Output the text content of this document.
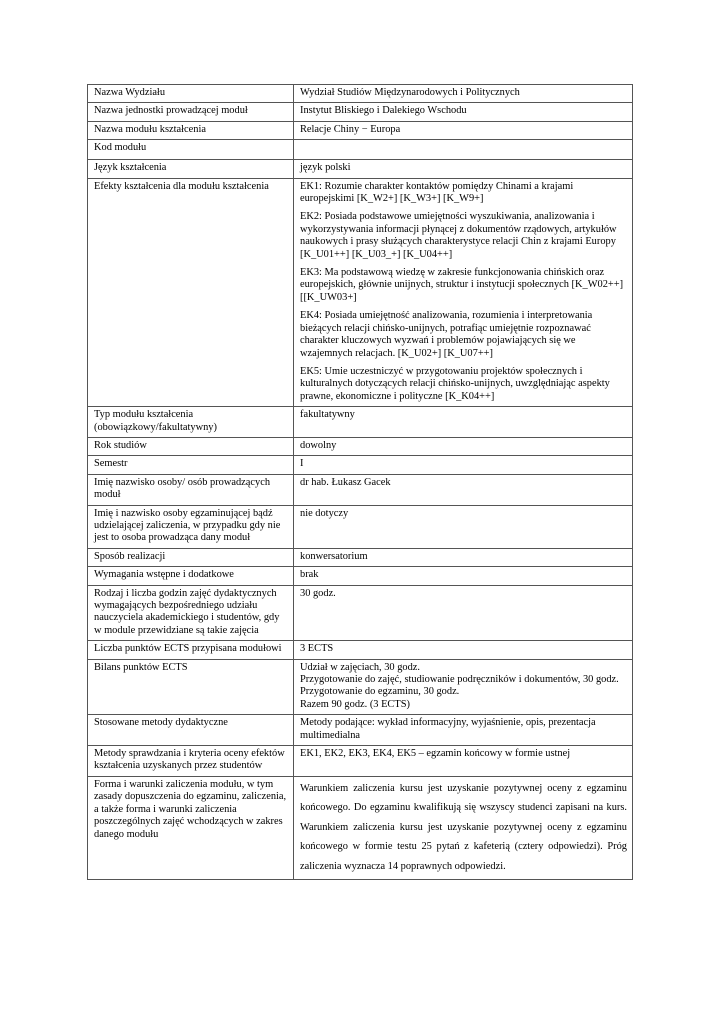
Nazwa Wydziału	Wydział Studiów Międzynarodowych i Politycznych
Nazwa jednostki prowadzącej moduł	Instytut Bliskiego i Dalekiego Wschodu
Nazwa modułu kształcenia	Relacje Chiny − Europa
Kod modułu	
Język kształcenia	język polski
Efekty kształcenia dla modułu kształcenia	EK1: Rozumie charakter kontaktów pomiędzy Chinami a krajami europejskimi [K_W2+] [K_W3+] [K_W9+]
EK2: Posiada podstawowe umiejętności wyszukiwania, analizowania i wykorzystywania informacji płynącej z dokumentów rządowych, artykułów naukowych i prasy służących charakterystyce relacji Chin z krajami Europy [K_U01++] [K_U03_+] [K_U04++]
EK3: Ma podstawową wiedzę w zakresie funkcjonowania chińskich oraz europejskich, głównie unijnych, struktur i instytucji społecznych [K_W02++] [[K_UW03+]
EK4: Posiada umiejętność analizowania, rozumienia i interpretowania bieżących relacji chińsko-unijnych, potrafiąc umiejętnie rozpoznawać charakter kluczowych wyzwań i problemów pojawiających się we wzajemnych relacjach. [K_U02+] [K_U07++]
EK5: Umie uczestniczyć w przygotowaniu projektów społecznych i kulturalnych dotyczących relacji chińsko-unijnych, uwzględniając aspekty prawne, ekonomiczne i polityczne [K_K04++]

Typ modułu kształcenia (obowiązkowy/fakultatywny)	fakultatywny
Rok studiów	dowolny
Semestr	I
Imię nazwisko osoby/ osób prowadzących moduł	dr hab. Łukasz Gacek
Imię i nazwisko osoby egzaminującej bądź udzielającej zaliczenia, w przypadku gdy nie jest to osoba prowadząca dany moduł	nie dotyczy
Sposób realizacji	konwersatorium
Wymagania wstępne i dodatkowe	brak
Rodzaj i liczba godzin zajęć dydaktycznych wymagających bezpośredniego udziału nauczyciela akademickiego i studentów, gdy w module przewidziane są takie zajęcia	30 godz.
Liczba punktów ECTS przypisana modułowi	3 ECTS
Bilans punktów ECTS	Udział w zajęciach, 30 godz.
Przygotowanie do zajęć, studiowanie podręczników i dokumentów, 30 godz.
Przygotowanie do egzaminu, 30 godz.
Razem 90 godz. (3 ECTS)

Stosowane metody dydaktyczne	Metody podające: wykład informacyjny, wyjaśnienie, opis, prezentacja multimedialna
Metody sprawdzania i kryteria oceny efektów kształcenia uzyskanych przez studentów	EK1, EK2, EK3, EK4, EK5 – egzamin końcowy w formie ustnej
Forma i warunki zaliczenia modułu, w tym zasady dopuszczenia do egzaminu, zaliczenia, a także forma i warunki zaliczenia poszczególnych zajęć wchodzących w zakres danego modułu	Warunkiem zaliczenia kursu jest uzyskanie pozytywnej oceny z egzaminu końcowego. Do egzaminu kwalifikują się wszyscy studenci zapisani na kurs. Warunkiem zaliczenia kursu jest uzyskanie pozytywnej oceny z egzaminu końcowego w formie testu 25 pytań z kafeterią (cztery odpowiedzi). Próg zaliczenia wyznacza 14 poprawnych odpowiedzi.
